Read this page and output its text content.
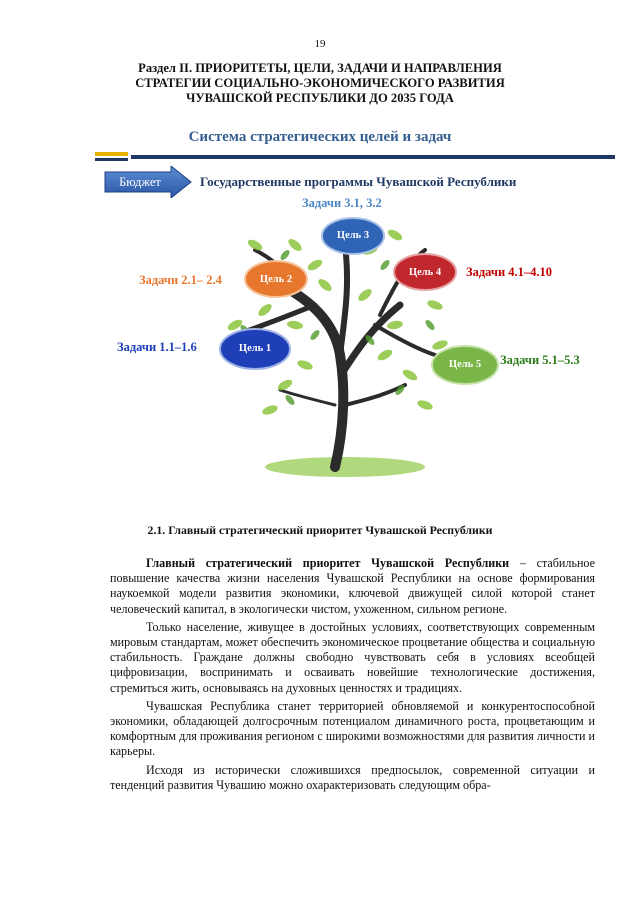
19
Раздел II. ПРИОРИТЕТЫ, ЦЕЛИ, ЗАДАЧИ И НАПРАВЛЕНИЯ
СТРАТЕГИИ СОЦИАЛЬНО-ЭКОНОМИЧЕСКОГО РАЗВИТИЯ
ЧУВАШСКОЙ РЕСПУБЛИКИ ДО 2035 ГОДА
Система стратегических целей и задач
Бюджет	Государственные программы Чувашской Республики
Цель 1
Задачи 1.1–1.6
Цель 2
Задачи 2.1– 2.4
Цель 3
Задачи 3.1, 3.2
Цель 4	Задачи 4.1–4.10
Цель 5	Задачи 5.1–5.3
2.1. Главный стратегический приоритет Чувашской Республики

Главный стратегический приоритет Чувашской Республики – стабильное повышение качества жизни населения Чувашской Республики на основе формирования наукоемкой модели развития экономики, ключевой движущей силой которой станет человеческий капитал, в экологически чистом, ухоженном, сильном регионе.

Только население, живущее в достойных условиях, соответствующих современным мировым стандартам, может обеспечить экономическое процветание общества и социальную стабильность. Граждане должны свободно чувствовать себя в условиях всеобщей цифровизации, воспринимать и осваивать новейшие технологические достижения, стремиться жить, основываясь на духовных ценностях и традициях.

Чувашская Республика станет территорией обновляемой и конкурентоспособной экономики, обладающей долгосрочным потенциалом динамичного роста, процветающим и комфортным для проживания регионом с широкими возможностями для развития личности и карьеры.

Исходя из исторически сложившихся предпосылок, современной ситуации и тенденций развития Чувашию можно охарактеризовать следующим обра-
